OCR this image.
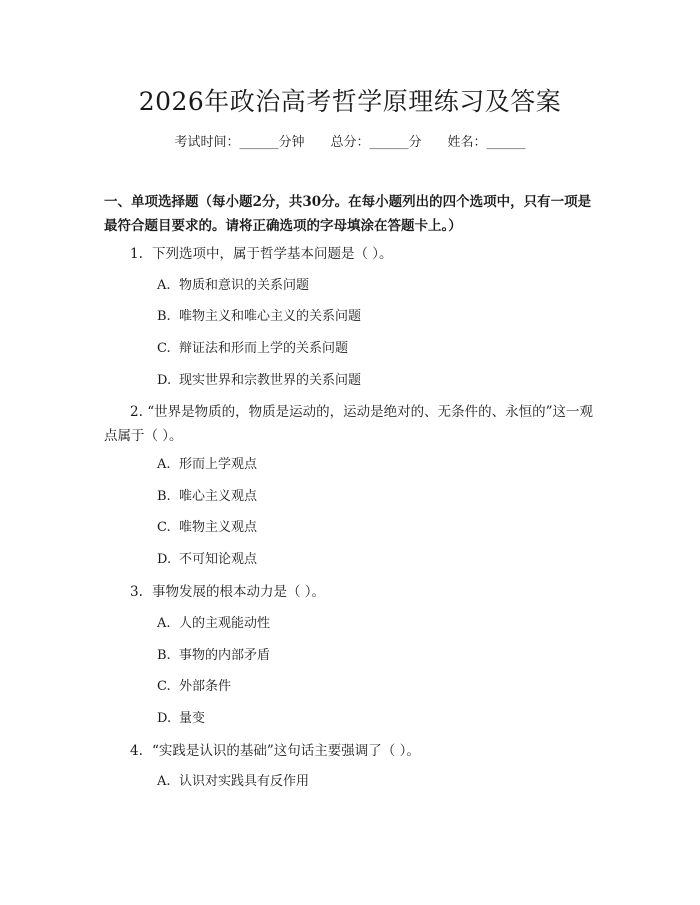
2026年政治高考哲学原理练习及答案
考试时间：______分钟 总分：______分 姓名：______
一、单项选择题（每小题2分，共30分。在每小题列出的四个选项中，只有一项是最符合题目要求的。请将正确选项的字母填涂在答题卡上。）
1. 下列选项中，属于哲学基本问题是（ ）。
A. 物质和意识的关系问题
B. 唯物主义和唯心主义的关系问题
C. 辩证法和形而上学的关系问题
D. 现实世界和宗教世界的关系问题
2. “世界是物质的，物质是运动的，运动是绝对的、无条件的、永恒的”这一观点属于（ ）。
A. 形而上学观点
B. 唯心主义观点
C. 唯物主义观点
D. 不可知论观点
3. 事物发展的根本动力是（ ）。
A. 人的主观能动性
B. 事物的内部矛盾
C. 外部条件
D. 量变
4. “实践是认识的基础”这句话主要强调了（ ）。
A. 认识对实践具有反作用
